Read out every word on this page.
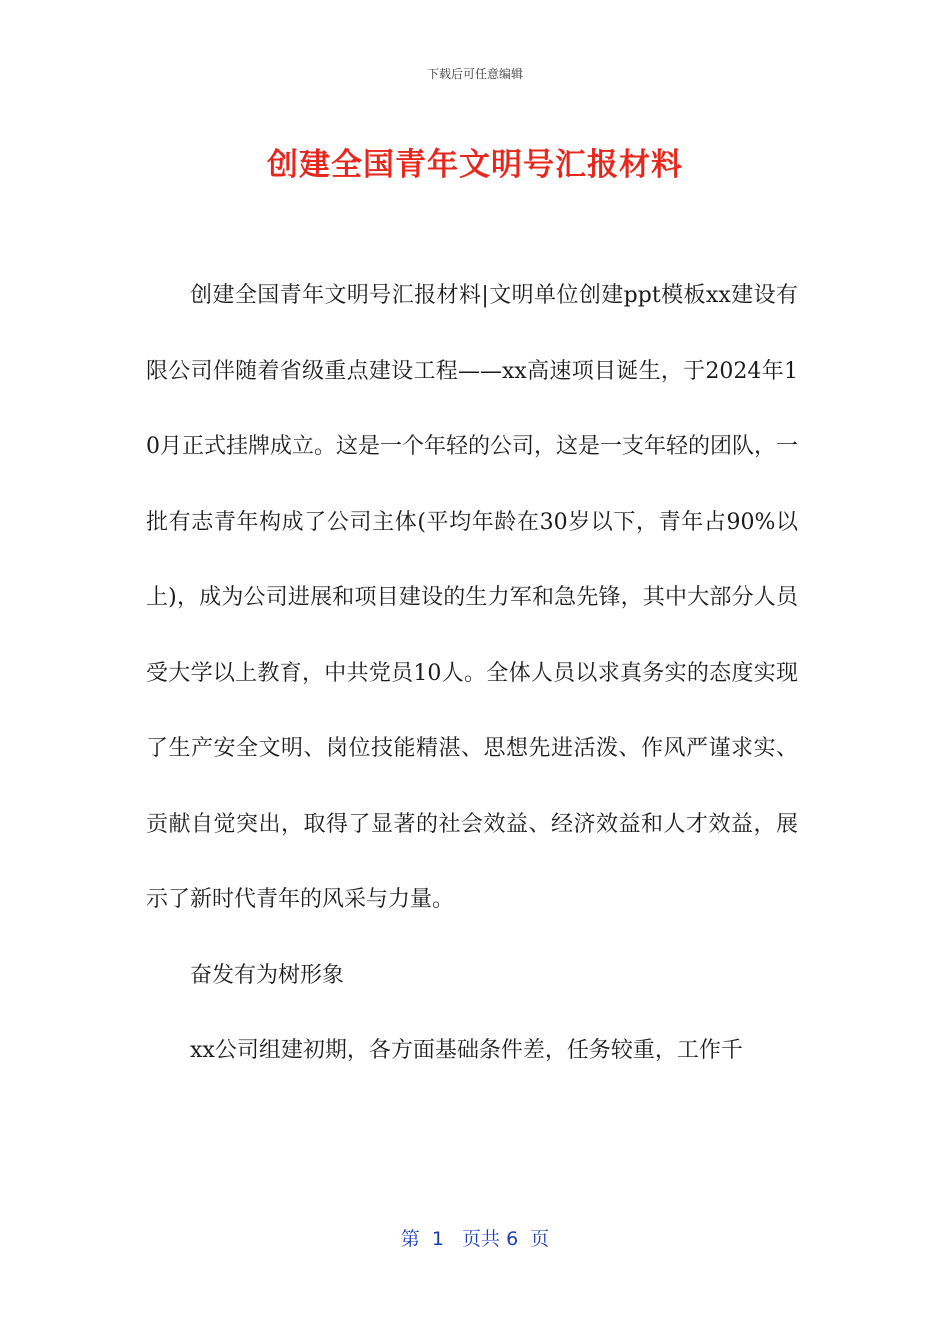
下载后可任意编辑
创建全国青年文明号汇报材料

创建全国青年文明号汇报材料|文明单位创建ppt模板xx建设有限公司伴随着省级重点建设工程——xx高速项目诞生，于2024年10月正式挂牌成立。这是一个年轻的公司，这是一支年轻的团队，一批有志青年构成了公司主体(平均年龄在30岁以下，青年占90%以上)，成为公司进展和项目建设的生力军和急先锋，其中大部分人员受大学以上教育，中共党员10人。全体人员以求真务实的态度实现了生产安全文明、岗位技能精湛、思想先进活泼、作风严谨求实、贡献自觉突出，取得了显著的社会效益、经济效益和人才效益，展示了新时代青年的风采与力量。

奋发有为树形象

xx公司组建初期，各方面基础条件差，任务较重，工作千

第  1   页共 6  页
